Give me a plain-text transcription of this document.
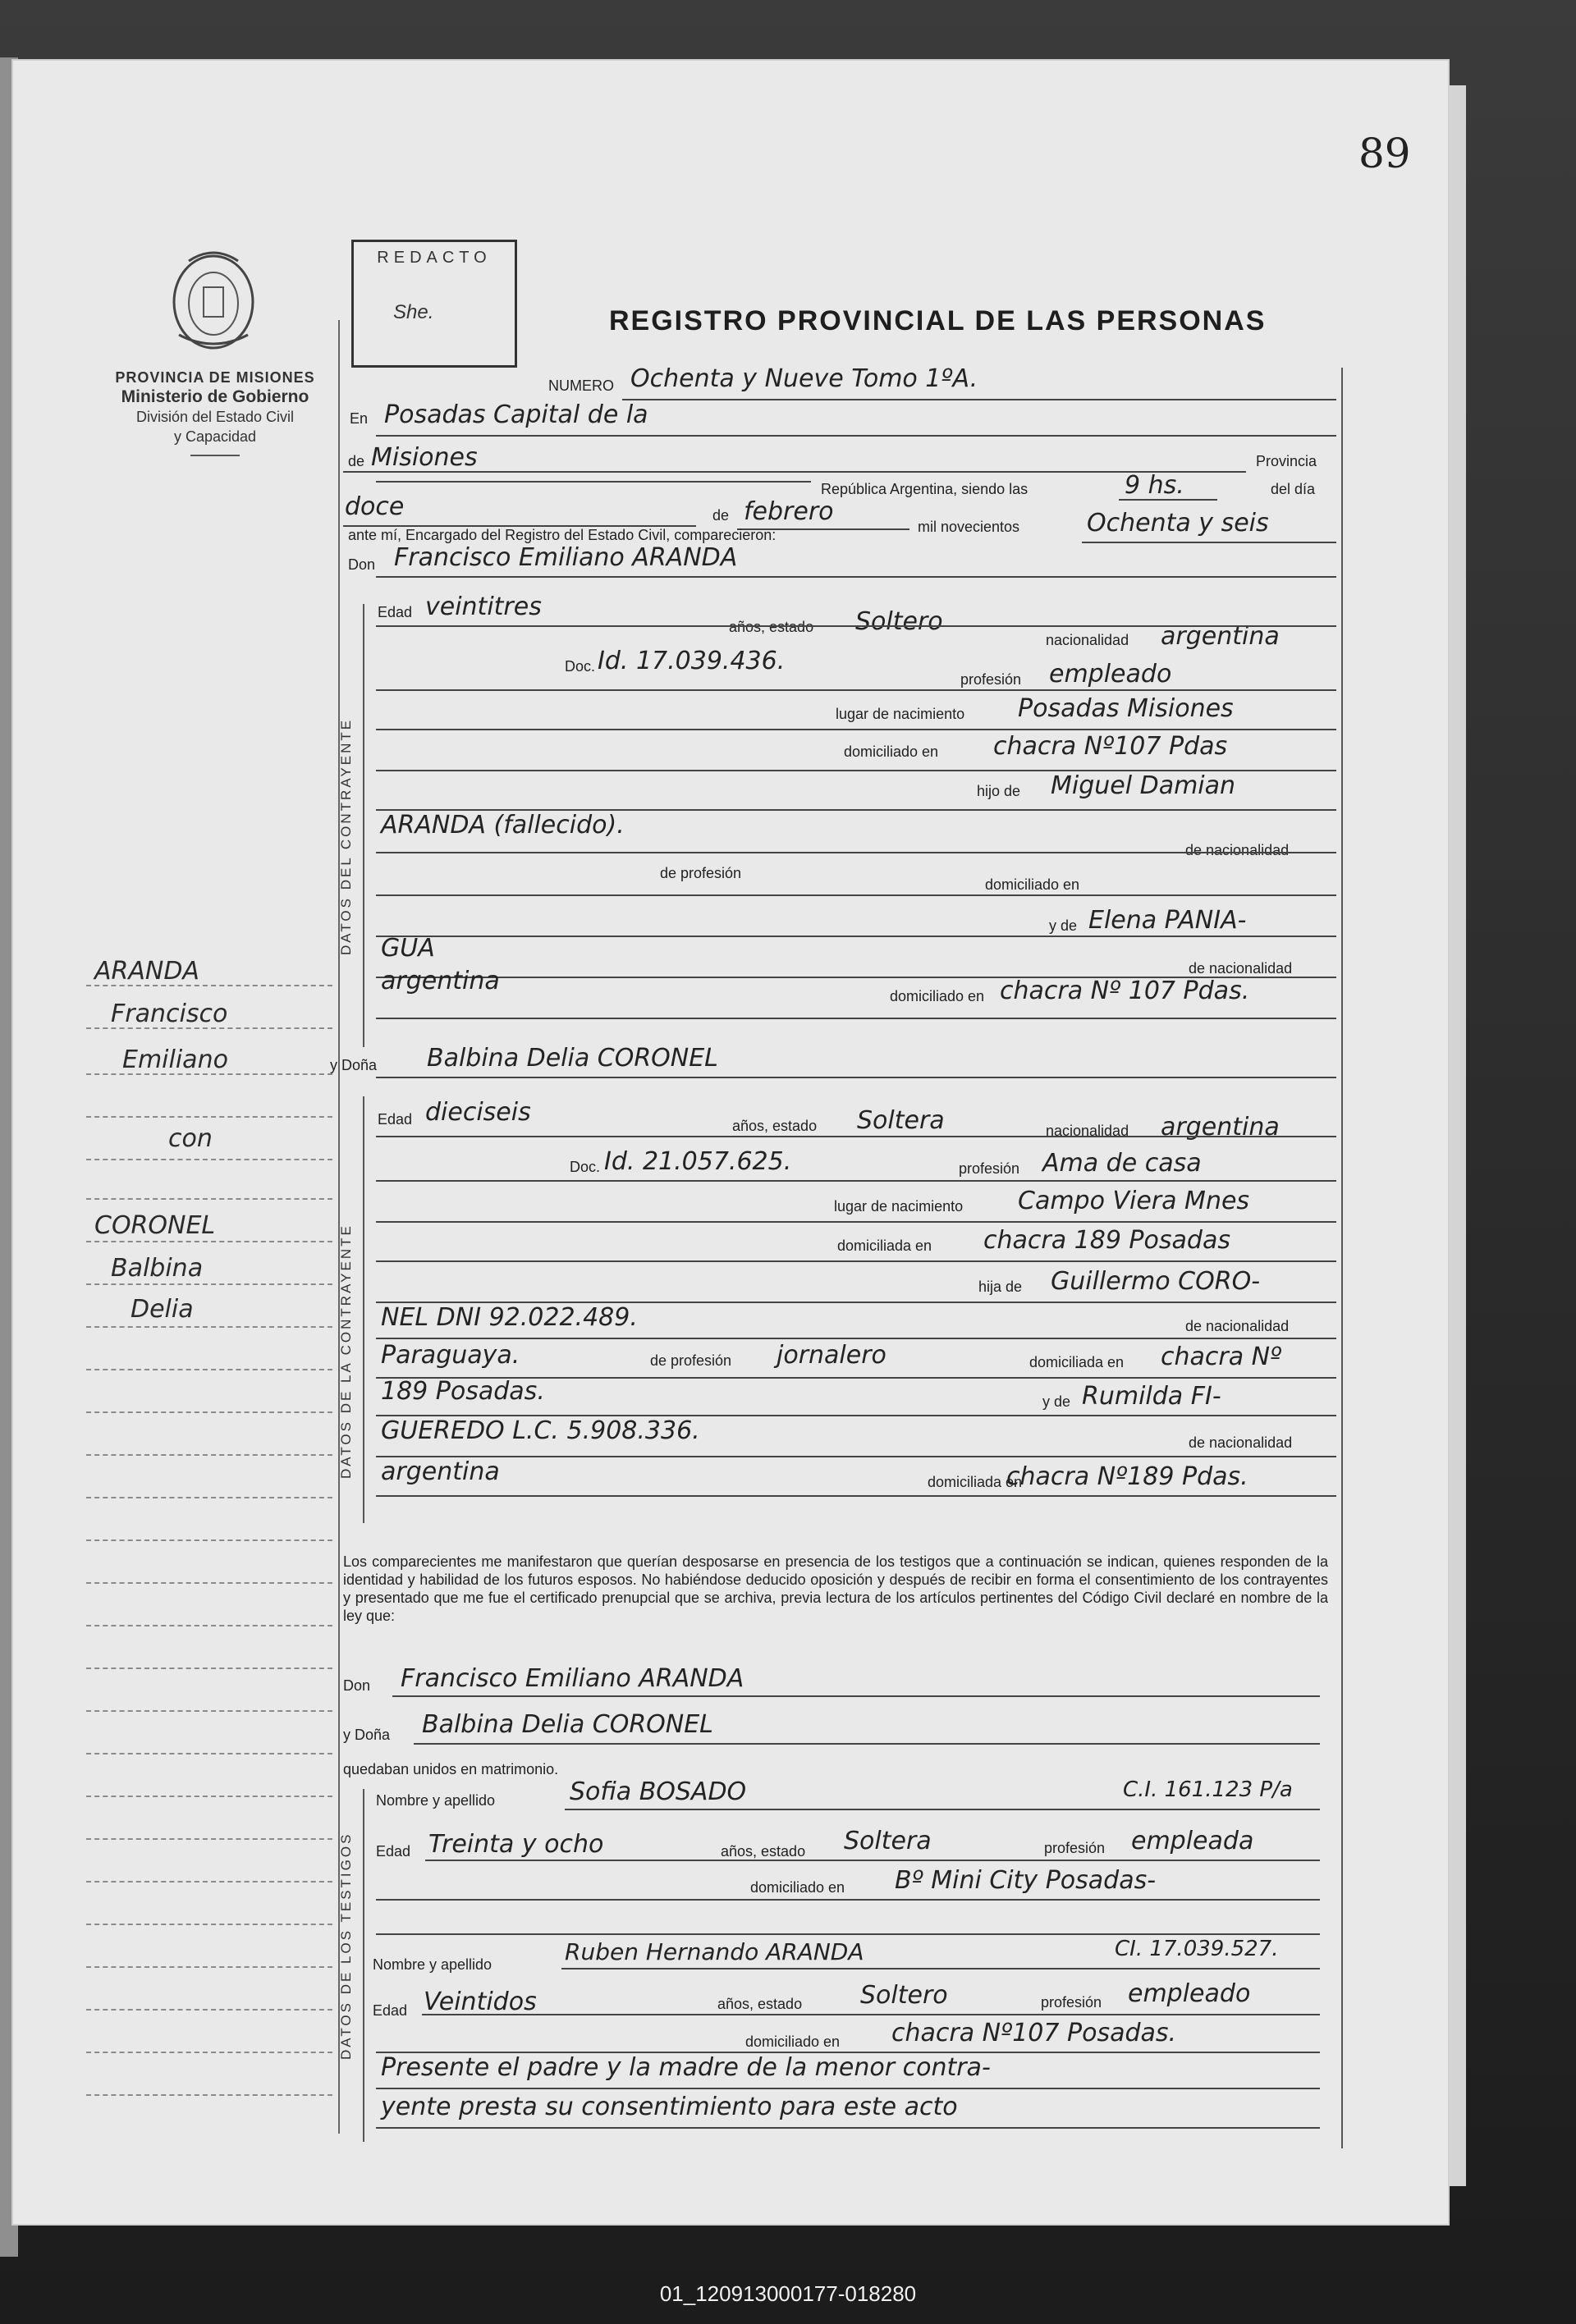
89
PROVINCIA DE MISIONES
Ministerio de Gobierno
División del Estado Civil
y Capacidad
REDACTO
She.	REGISTRO PROVINCIAL DE LAS PERSONAS
ARANDA
Francisco
Emiliano
con
CORONEL
Balbina
Delia
NUMERO Ochenta y Nueve Tomo 1ºA.
En Posadas Capital de la
Provincia
de Misiones
República Argentina, siendo las	9 hs.	del día
doce	de febrero
mil novecientos	Ochenta y seis
ante mí, Encargado del Registro del Estado Civil, comparecieron:
Don Francisco Emiliano ARANDA
DATOS DEL CONTRAYENTE
Edad veintitres
años, estado Soltero
nacionalidad argentina
Doc. Id. 17.039.436.
profesión empleado
lugar de nacimiento Posadas Misiones
domiciliado en chacra Nº107 Pdas
hijo de Miguel Damian
ARANDA (fallecido).
de nacionalidad
de profesión
domiciliado en
y de Elena PANIA-
GUA
de nacionalidad
argentina
domiciliado en chacra Nº 107 Pdas.
y Doña Balbina Delia CORONEL
DATOS DE LA CONTRAYENTE
Edad dieciseis	años, estado Soltera	nacionalidad argentina
Doc. Id. 21.057.625.	profesión Ama de casa
lugar de nacimiento Campo Viera Mnes
domiciliada en chacra 189 Posadas
hija de Guillermo CORO-
NEL DNI 92.022.489.	de nacionalidad
Paraguaya.	de profesión jornalero	domiciliada en chacra Nº
189 Posadas.	y de Rumilda FI-
GUEREDO L.C. 5.908.336.	de nacionalidad
argentina	domiciliada en
chacra Nº189 Pdas.
Los comparecientes me manifestaron que querían desposarse en presencia de los testigos que a continuación se indican, quienes responden de la identidad y habilidad de los futuros esposos. No habiéndose deducido oposición y después de recibir en forma el consentimiento de los contrayentes y presentado que me fue el certificado prenupcial que se archiva, previa lectura de los artículos pertinentes del Código Civil declaré en nombre de la ley que:
Don Francisco Emiliano ARANDA
y Doña Balbina Delia CORONEL
quedaban unidos en matrimonio.
DATOS DE LOS TESTIGOS
Nombre y apellido	Sofia BOSADO	C.I. 161.123 P/a
Edad Treinta y ocho	años, estado Soltera	profesión empleada
domiciliado en Bº Mini City Posadas-
Nombre y apellido	Ruben Hernando ARANDA	CI. 17.039.527.
Edad Veintidos	años, estado Soltero	profesión empleado
domiciliado en chacra Nº107 Posadas.
Presente el padre y la madre de la menor contra-
yente presta su consentimiento para este acto
01_120913000177-018280
